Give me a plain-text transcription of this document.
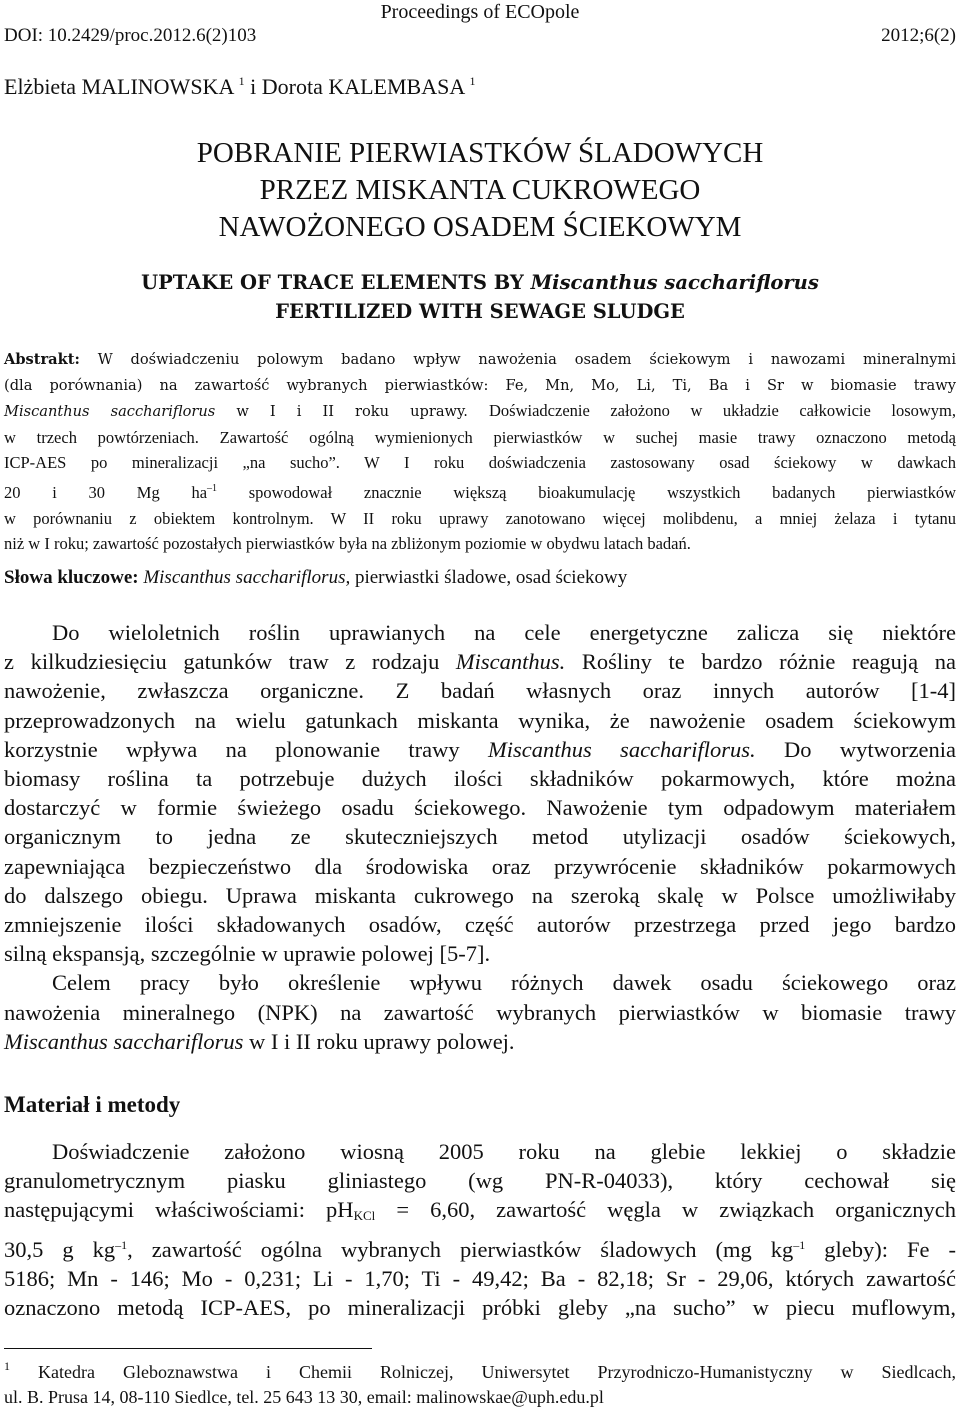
Proceedings of ECOpole
DOI: 10.2429/proc.2012.6(2)103	2012;6(2)
Elżbieta MALINOWSKA $^1$ i Dorota KALEMBASA $^1$
POBRANIE PIERWIASTKÓW ŚLADOWYCH
PRZEZ MISKANTA CUKROWEGO
NAWOŻONEGO OSADEM ŚCIEKOWYM
UPTAKE OF TRACE ELEMENTS BY Miscanthus sacchariflorus
FERTILIZED WITH SEWAGE SLUDGE
Abstrakt: W doświadczeniu polowym badano wpływ nawożenia osadem ściekowym i nawozami mineralnymi
(dla porównania) na zawartość wybranych pierwiastków: Fe, Mn, Mo, Li, Ti, Ba i Sr w biomasie trawy
Miscanthus sacchariflorus w I i II roku uprawy. Doświadczenie założono w układzie całkowicie losowym,
w trzech powtórzeniach. Zawartość ogólną wymienionych pierwiastków w suchej masie trawy oznaczono metodą
ICP-AES po mineralizacji „na sucho”. W I roku doświadczenia zastosowany osad ściekowy w dawkach
20 i 30 Mg $ha^{-1}$ spowodował znacznie większą bioakumulację wszystkich badanych pierwiastków
w porównaniu z obiektem kontrolnym. W II roku uprawy zanotowano więcej molibdenu, a mniej żelaza i tytanu
niż w I roku; zawartość pozostałych pierwiastków była na zbliżonym poziomie w obydwu latach badań.
Słowa kluczowe: Miscanthus sacchariflorus, pierwiastki śladowe, osad ściekowy
Do wieloletnich roślin uprawianych na cele energetyczne zalicza się niektóre
z kilkudziesięciu gatunków traw z rodzaju Miscanthus. Rośliny te bardzo różnie reagują na
nawożenie, zwłaszcza organiczne. Z badań własnych oraz innych autorów [1-4]
przeprowadzonych na wielu gatunkach miskanta wynika, że nawożenie osadem ściekowym
korzystnie wpływa na plonowanie trawy Miscanthus sacchariflorus. Do wytworzenia
biomasy roślina ta potrzebuje dużych ilości składników pokarmowych, które można
dostarczyć w formie świeżego osadu ściekowego. Nawożenie tym odpadowym materiałem
organicznym to jedna ze skuteczniejszych metod utylizacji osadów ściekowych,
zapewniająca bezpieczeństwo dla środowiska oraz przywrócenie składników pokarmowych
do dalszego obiegu. Uprawa miskanta cukrowego na szeroką skalę w Polsce umożliwiłaby
zmniejszenie ilości składowanych osadów, część autorów przestrzega przed jego bardzo
silną ekspansją, szczególnie w uprawie polowej [5-7].
Celem pracy było określenie wpływu różnych dawek osadu ściekowego oraz
nawożenia mineralnego (NPK) na zawartość wybranych pierwiastków w biomasie trawy
Miscanthus sacchariflorus w I i II roku uprawy polowej.
Materiał i metody
Doświadczenie założono wiosną 2005 roku na glebie lekkiej o składzie
granulometrycznym piasku gliniastego (wg PN-R-04033), który cechował się
następującymi właściwościami: $pH_{KCl} = 6,60$, zawartość węgla w związkach organicznych
30,5 g $kg^{-1}$, zawartość ogólna wybranych pierwiastków śladowych (mg $kg^{-1}$ gleby): Fe -
5186; Mn - 146; Mo - 0,231; Li - 1,70; Ti - 49,42; Ba - 82,18; Sr - 29,06, których zawartość
oznaczono metodą ICP-AES, po mineralizacji próbki gleby „na sucho” w piecu muflowym,
$^1$ Katedra Gleboznawstwa i Chemii Rolniczej, Uniwersytet Przyrodniczo-Humanistyczny w Siedlcach,
ul. B. Prusa 14, 08-110 Siedlce, tel. 25 643 13 30, email: malinowskae@uph.edu.pl
